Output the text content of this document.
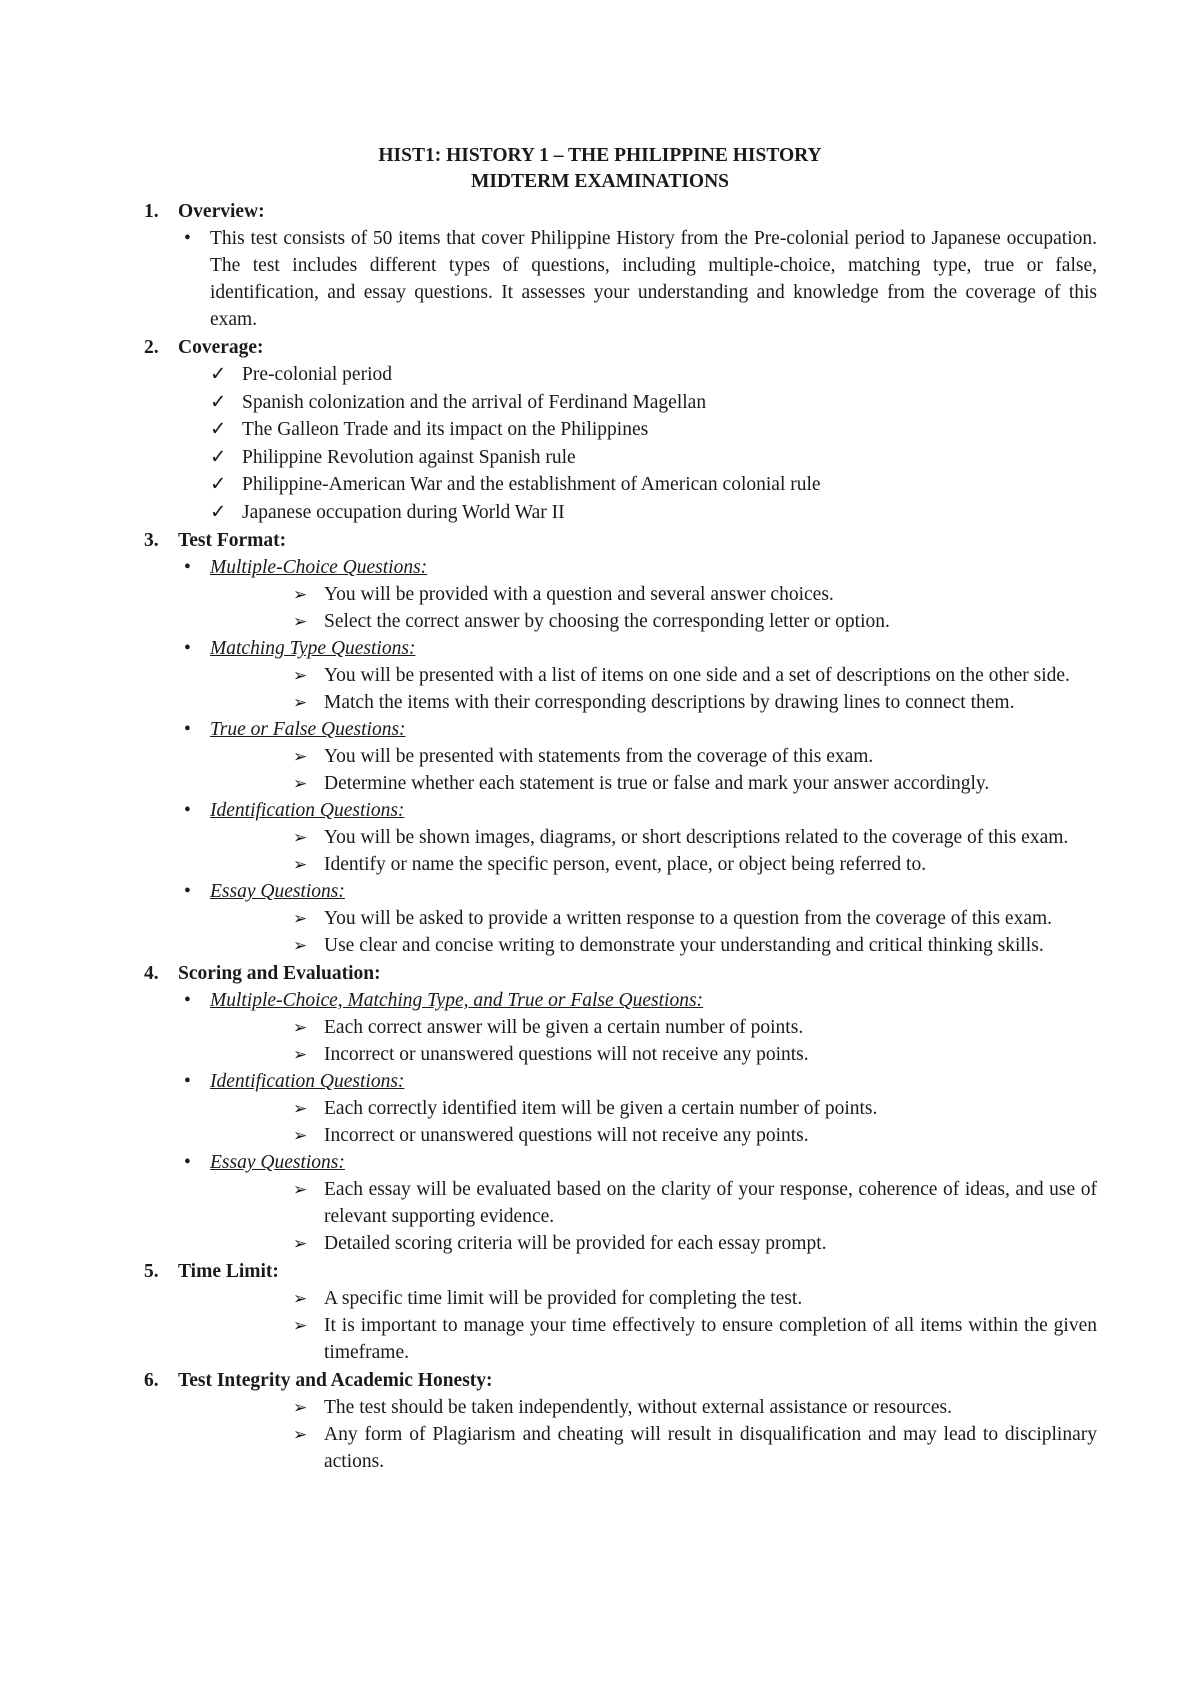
HIST1: HISTORY 1 – THE PHILIPPINE HISTORY
MIDTERM EXAMINATIONS
1. Overview:
• This test consists of 50 items that cover Philippine History from the Pre-colonial period to Japanese occupation. The test includes different types of questions, including multiple-choice, matching type, true or false, identification, and essay questions. It assesses your understanding and knowledge from the coverage of this exam.
2. Coverage:
✓ Pre-colonial period
✓ Spanish colonization and the arrival of Ferdinand Magellan
✓ The Galleon Trade and its impact on the Philippines
✓ Philippine Revolution against Spanish rule
✓ Philippine-American War and the establishment of American colonial rule
✓ Japanese occupation during World War II
3. Test Format:
• Multiple-Choice Questions:
➢ You will be provided with a question and several answer choices.
➢ Select the correct answer by choosing the corresponding letter or option.
• Matching Type Questions:
➢ You will be presented with a list of items on one side and a set of descriptions on the other side.
➢ Match the items with their corresponding descriptions by drawing lines to connect them.
• True or False Questions:
➢ You will be presented with statements from the coverage of this exam.
➢ Determine whether each statement is true or false and mark your answer accordingly.
• Identification Questions:
➢ You will be shown images, diagrams, or short descriptions related to the coverage of this exam.
➢ Identify or name the specific person, event, place, or object being referred to.
• Essay Questions:
➢ You will be asked to provide a written response to a question from the coverage of this exam.
➢ Use clear and concise writing to demonstrate your understanding and critical thinking skills.
4. Scoring and Evaluation:
• Multiple-Choice, Matching Type, and True or False Questions:
➢ Each correct answer will be given a certain number of points.
➢ Incorrect or unanswered questions will not receive any points.
• Identification Questions:
➢ Each correctly identified item will be given a certain number of points.
➢ Incorrect or unanswered questions will not receive any points.
• Essay Questions:
➢ Each essay will be evaluated based on the clarity of your response, coherence of ideas, and use of relevant supporting evidence.
➢ Detailed scoring criteria will be provided for each essay prompt.
5. Time Limit:
➢ A specific time limit will be provided for completing the test.
➢ It is important to manage your time effectively to ensure completion of all items within the given timeframe.
6. Test Integrity and Academic Honesty:
➢ The test should be taken independently, without external assistance or resources.
➢ Any form of Plagiarism and cheating will result in disqualification and may lead to disciplinary actions.
